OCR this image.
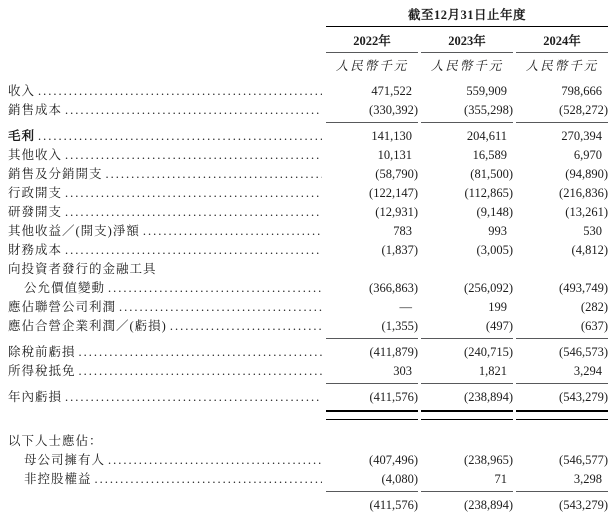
截至12月31日止年度
2022年	2023年	2024年
人民幣千元	人民幣千元	人民幣千元
收入 .....	471,522	559,909	798,666
銷售成本 .....	(330,392)	(355,298)	(528,272)
毛利 .....	141,130	204,611	270,394
其他收入 .....	10,131	16,589	6,970
銷售及分銷開支 .....	(58,790)	(81,500)	(94,890)
行政開支 .....	(122,147)	(112,865)	(216,836)
研發開支 .....	(12,931)	(9,148)	(13,261)
其他收益／(開支)淨額 .....	783	993	530
財務成本 .....	(1,837)	(3,005)	(4,812)
向投資者發行的金融工具
公允價值變動 .....	(366,863)	(256,092)	(493,749)
應佔聯營公司利潤 .....	—	199	(282)
應佔合營企業利潤／(虧損) .....	(1,355)	(497)	(637)
除稅前虧損 .....	(411,879)	(240,715)	(546,573)
所得稅抵免 .....	303	1,821	3,294
年內虧損 .....	(411,576)	(238,894)	(543,279)
以下人士應佔：
母公司擁有人 .....	(407,496)	(238,965)	(546,577)
非控股權益 .....	(4,080)	71	3,298
(411,576)	(238,894)	(543,279)
